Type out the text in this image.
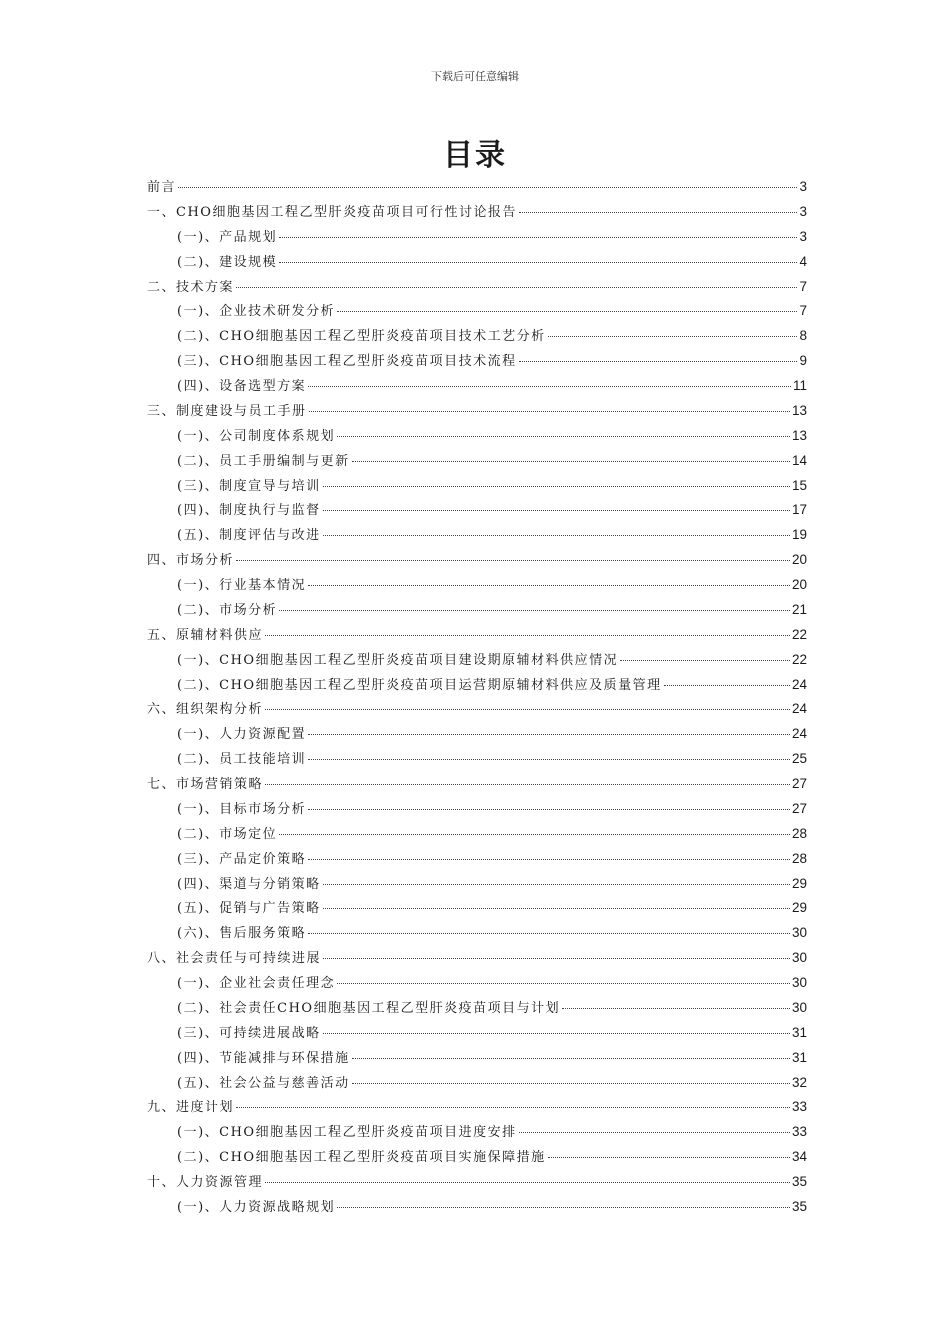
下载后可任意编辑
目录
前言	3
一、CHO细胞基因工程乙型肝炎疫苗项目可行性讨论报告	3
(一)、产品规划	3
(二)、建设规模	4
二、技术方案	7
(一)、企业技术研发分析	7
(二)、CHO细胞基因工程乙型肝炎疫苗项目技术工艺分析	8
(三)、CHO细胞基因工程乙型肝炎疫苗项目技术流程	9
(四)、设备选型方案	11
三、制度建设与员工手册	13
(一)、公司制度体系规划	13
(二)、员工手册编制与更新	14
(三)、制度宣导与培训	15
(四)、制度执行与监督	17
(五)、制度评估与改进	19
四、市场分析	20
(一)、行业基本情况	20
(二)、市场分析	21
五、原辅材料供应	22
(一)、CHO细胞基因工程乙型肝炎疫苗项目建设期原辅材料供应情况	22
(二)、CHO细胞基因工程乙型肝炎疫苗项目运营期原辅材料供应及质量管理	24
六、组织架构分析	24
(一)、人力资源配置	24
(二)、员工技能培训	25
七、市场营销策略	27
(一)、目标市场分析	27
(二)、市场定位	28
(三)、产品定价策略	28
(四)、渠道与分销策略	29
(五)、促销与广告策略	29
(六)、售后服务策略	30
八、社会责任与可持续进展	30
(一)、企业社会责任理念	30
(二)、社会责任CHO细胞基因工程乙型肝炎疫苗项目与计划	30
(三)、可持续进展战略	31
(四)、节能减排与环保措施	31
(五)、社会公益与慈善活动	32
九、进度计划	33
(一)、CHO细胞基因工程乙型肝炎疫苗项目进度安排	33
(二)、CHO细胞基因工程乙型肝炎疫苗项目实施保障措施	34
十、人力资源管理	35
(一)、人力资源战略规划	35
